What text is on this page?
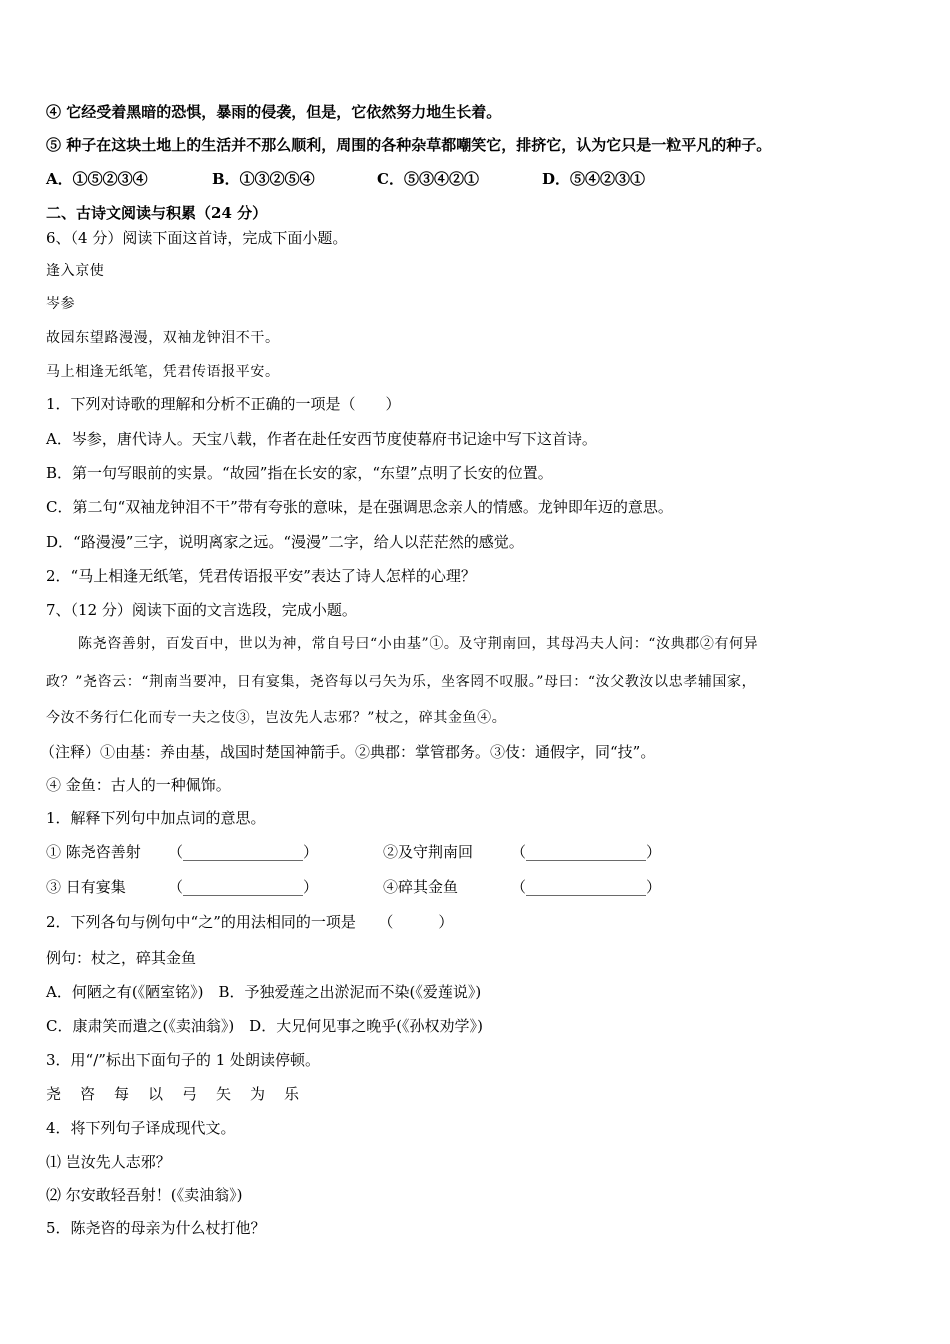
④ 它经受着黑暗的恐惧，暴雨的侵袭，但是，它依然努力地生长着。
⑤ 种子在这块土地上的生活并不那么顺利，周围的各种杂草都嘲笑它，排挤它，认为它只是一粒平凡的种子。
A．①⑤②③④	B．①③②⑤④	C．⑤③④②①	D．⑤④②③①
二、古诗文阅读与积累（24 分）
6、（4 分）阅读下面这首诗，完成下面小题。
逢入京使
岑参
故园东望路漫漫，双袖龙钟泪不干。
马上相逢无纸笔，凭君传语报平安。
1．下列对诗歌的理解和分析不正确的一项是（　　）
A．岑参，唐代诗人。天宝八载，作者在赴任安西节度使幕府书记途中写下这首诗。
B．第一句写眼前的实景。“故园”指在长安的家，“东望”点明了长安的位置。
C．第二句“双袖龙钟泪不干”带有夸张的意味，是在强调思念亲人的情感。龙钟即年迈的意思。
D．“路漫漫”三字，说明离家之远。“漫漫”二字，给人以茫茫然的感觉。
2．“马上相逢无纸笔，凭君传语报平安”表达了诗人怎样的心理？
7、（12 分）阅读下面的文言选段，完成小题。
陈尧咨善射，百发百中，世以为神，常自号曰“小由基”①。及守荆南回，其母冯夫人问：“汝典郡②有何异
政？”尧咨云：“荆南当要冲，日有宴集，尧咨每以弓矢为乐，坐客罔不叹服。”母曰：“汝父教汝以忠孝辅国家，
今汝不务行仁化而专一夫之伎③，岂汝先人志邪？”杖之，碎其金鱼④。
（注释）①由基：养由基，战国时楚国神箭手。②典郡：掌管郡务。③伎：通假字，同“技”。
④ 金鱼：古人的一种佩饰。
1．解释下列句中加点词的意思。
① 陈尧咨善射 （________________）	②及守荆南回	（________________）
③ 日有宴集	（________________）	④碎其金鱼	（________________）
2．下列各句与例句中“之”的用法相同的一项是　　（　　　）
例句：杖之，碎其金鱼
A．何陋之有(《陋室铭》)　B．予独爱莲之出淤泥而不染(《爱莲说》)
C．康肃笑而遣之(《卖油翁》)　D．大兄何见事之晚乎(《孙权劝学》)
3．用“/”标出下面句子的 1 处朗读停顿。
尧咨每以弓矢为乐
4．将下列句子译成现代文。
⑴ 岂汝先人志邪？
⑵ 尔安敢轻吾射！(《卖油翁》)
5．陈尧咨的母亲为什么杖打他？
